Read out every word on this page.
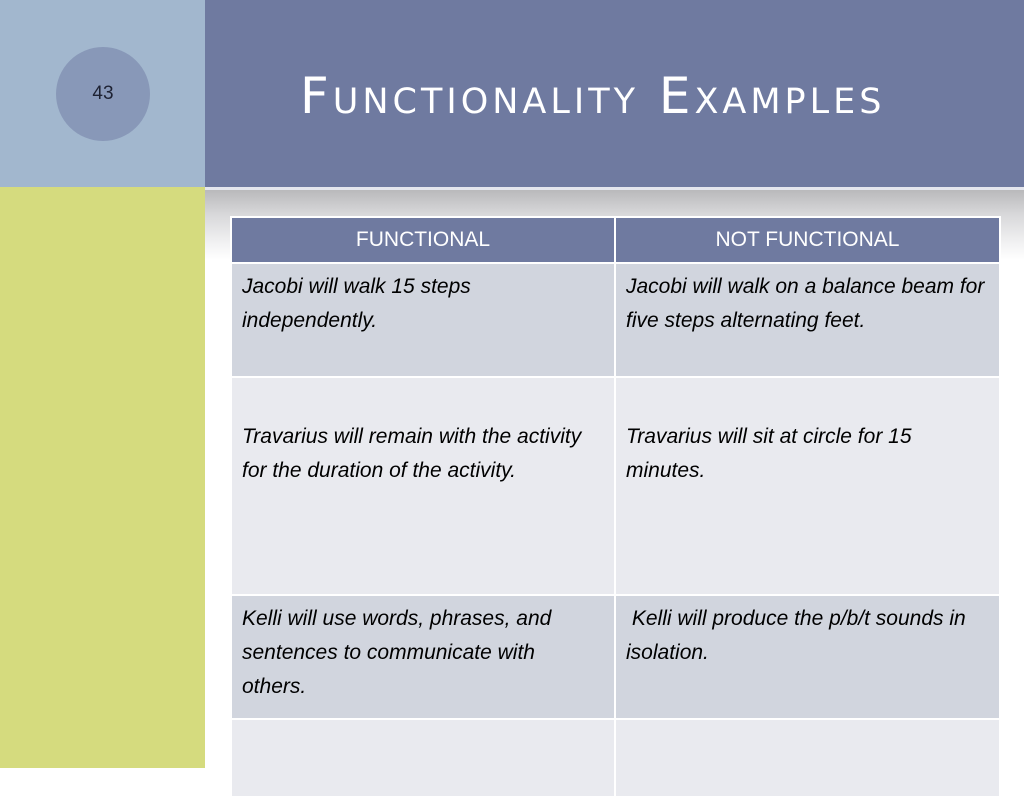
43	Functionality Examples
FUNCTIONAL	NOT FUNCTIONAL
Jacobi will walk 15 steps independently.	Jacobi will walk on a balance beam for five steps alternating feet.
Travarius will remain with the activity for the duration of the activity.	Travarius will sit at circle for 15 minutes.
Kelli will use words, phrases, and sentences to communicate with others.	Kelli will produce the p/b/t sounds in isolation.
